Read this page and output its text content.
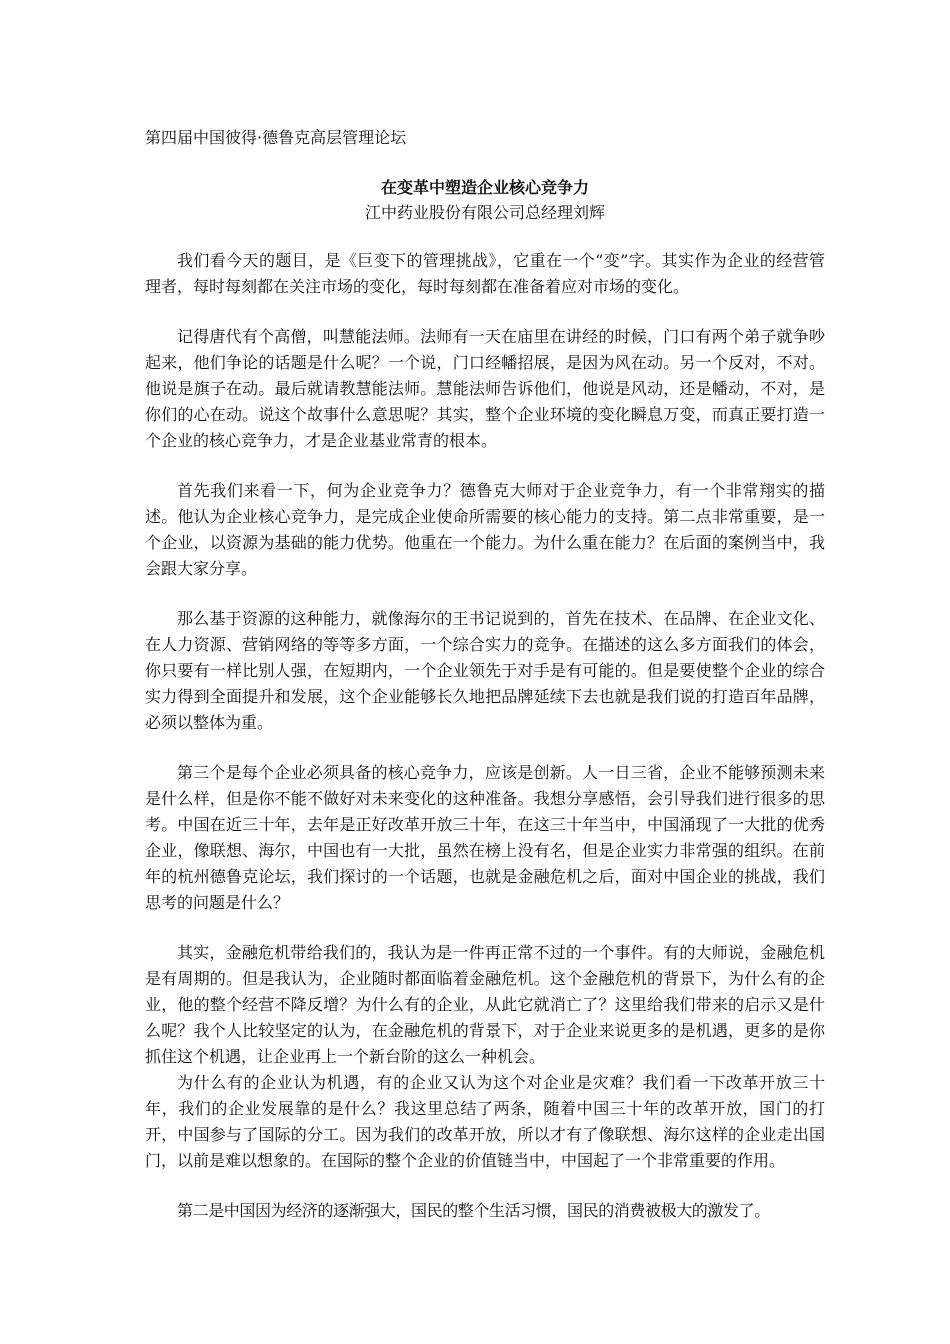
第四届中国彼得·德鲁克高层管理论坛
在变革中塑造企业核心竞争力
江中药业股份有限公司总经理刘辉

我们看今天的题目，是《巨变下的管理挑战》，它重在一个“变”字。其实作为企业的经营管理者，每时每刻都在关注市场的变化，每时每刻都在准备着应对市场的变化。

记得唐代有个高僧，叫慧能法师。法师有一天在庙里在讲经的时候，门口有两个弟子就争吵起来，他们争论的话题是什么呢？一个说，门口经幡招展，是因为风在动。另一个反对，不对。他说是旗子在动。最后就请教慧能法师。慧能法师告诉他们，他说是风动，还是幡动，不对，是你们的心在动。说这个故事什么意思呢？其实，整个企业环境的变化瞬息万变，而真正要打造一个企业的核心竞争力，才是企业基业常青的根本。

首先我们来看一下，何为企业竞争力？德鲁克大师对于企业竞争力，有一个非常翔实的描述。他认为企业核心竞争力，是完成企业使命所需要的核心能力的支持。第二点非常重要，是一个企业，以资源为基础的能力优势。他重在一个能力。为什么重在能力？在后面的案例当中，我会跟大家分享。

那么基于资源的这种能力，就像海尔的王书记说到的，首先在技术、在品牌、在企业文化、在人力资源、营销网络的等等多方面，一个综合实力的竞争。在描述的这么多方面我们的体会，你只要有一样比别人强，在短期内，一个企业领先于对手是有可能的。但是要使整个企业的综合实力得到全面提升和发展，这个企业能够长久地把品牌延续下去也就是我们说的打造百年品牌，必须以整体为重。

第三个是每个企业必须具备的核心竞争力，应该是创新。人一日三省，企业不能够预测未来是什么样，但是你不能不做好对未来变化的这种准备。我想分享感悟，会引导我们进行很多的思考。中国在近三十年，去年是正好改革开放三十年，在这三十年当中，中国涌现了一大批的优秀企业，像联想、海尔，中国也有一大批，虽然在榜上没有名，但是企业实力非常强的组织。在前年的杭州德鲁克论坛，我们探讨的一个话题，也就是金融危机之后，面对中国企业的挑战，我们思考的问题是什么？

其实，金融危机带给我们的，我认为是一件再正常不过的一个事件。有的大师说，金融危机是有周期的。但是我认为，企业随时都面临着金融危机。这个金融危机的背景下，为什么有的企业，他的整个经营不降反增？为什么有的企业，从此它就消亡了？这里给我们带来的启示又是什么呢？我个人比较坚定的认为，在金融危机的背景下，对于企业来说更多的是机遇，更多的是你抓住这个机遇，让企业再上一个新台阶的这么一种机会。

为什么有的企业认为机遇，有的企业又认为这个对企业是灾难？我们看一下改革开放三十年，我们的企业发展靠的是什么？我这里总结了两条，随着中国三十年的改革开放，国门的打开，中国参与了国际的分工。因为我们的改革开放，所以才有了像联想、海尔这样的企业走出国门，以前是难以想象的。在国际的整个企业的价值链当中，中国起了一个非常重要的作用。

第二是中国因为经济的逐渐强大，国民的整个生活习惯，国民的消费被极大的激发了。
